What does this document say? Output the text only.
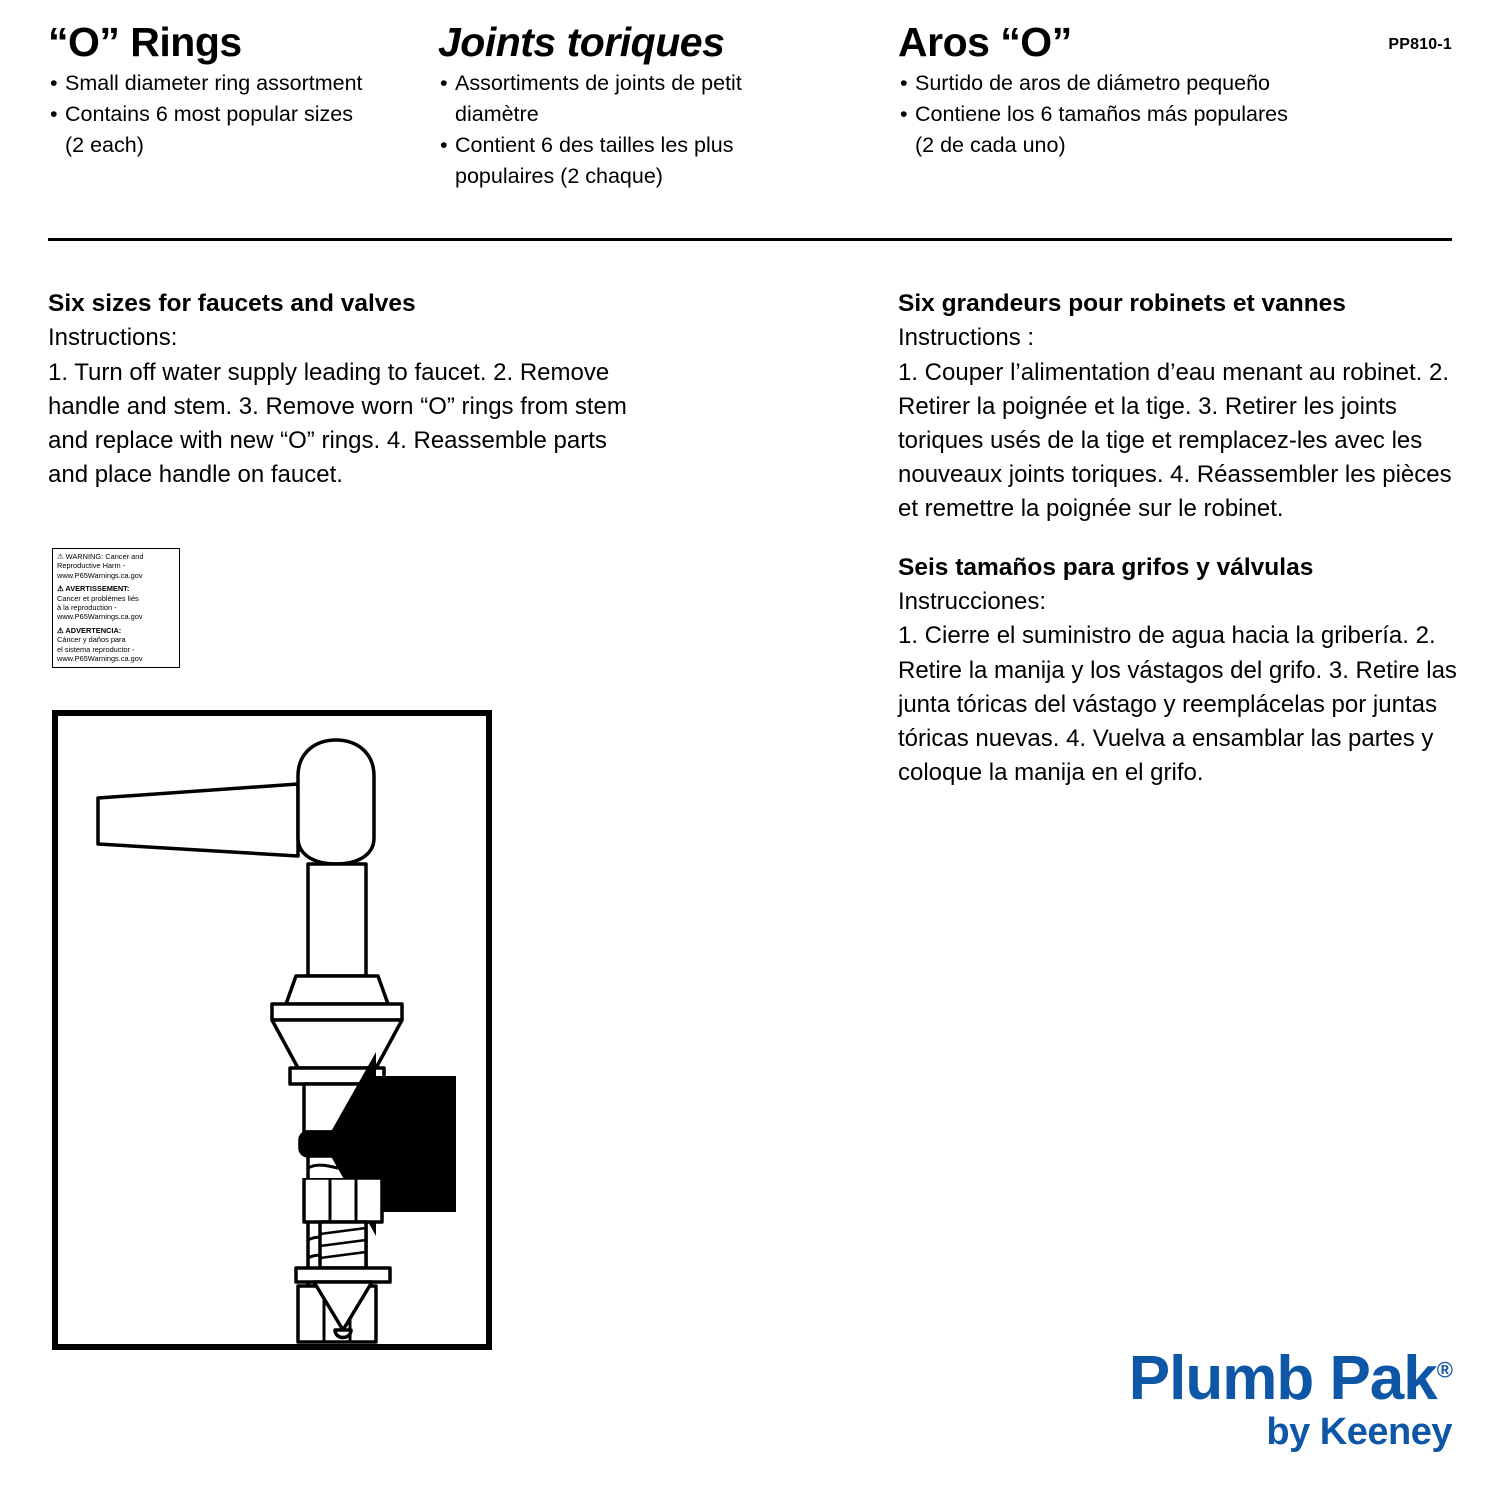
“O” Rings
• Small diameter ring assortment
• Contains 6 most popular sizes
(2 each)
Joints toriques
• Assortiments de joints de petit
diamètre
• Contient 6 des tailles les plus
populaires (2 chaque)
Aros “O”
• Surtido de aros de diámetro pequeño
• Contiene los 6 tamaños más populares
(2 de cada uno)
PP810-1

Six sizes for faucets and valves

Instructions:

1. Turn off water supply leading to faucet. 2. Remove handle and stem. 3. Remove worn “O” rings from stem and replace with new “O” rings. 4. Reassemble parts and place handle on faucet.

Six grandeurs pour robinets et vannes

Instructions :

1. Couper l’alimentation d’eau menant au robinet. 2. Retirer la poignée et la tige. 3. Retirer les joints toriques usés de la tige et remplacez-les avec les nouveaux joints toriques. 4. Réassembler les pièces et remettre la poignée sur le robinet.

Seis tamaños para grifos y válvulas

Instrucciones:

1. Cierre el suministro de agua hacia la gribería. 2. Retire la manija y los vástagos del grifo. 3. Retire las junta tóricas del vástago y reemplácelas por juntas tóricas nuevas. 4. Vuelva a ensamblar las partes y coloque la manija en el grifo.

⚠ WARNING: Cancer and

Reproductive Harm -

www.P65Warnings.ca.gov

⚠ AVERTISSEMENT:

Cancer et problèmes liés

à la reproduction -

www.P65Warnings.ca.gov

⚠ ADVERTENCIA:

Cáncer y daños para

el sistema reproductor -

www.P65Warnings.ca.gov

Plumb Pak®
by Keeney
